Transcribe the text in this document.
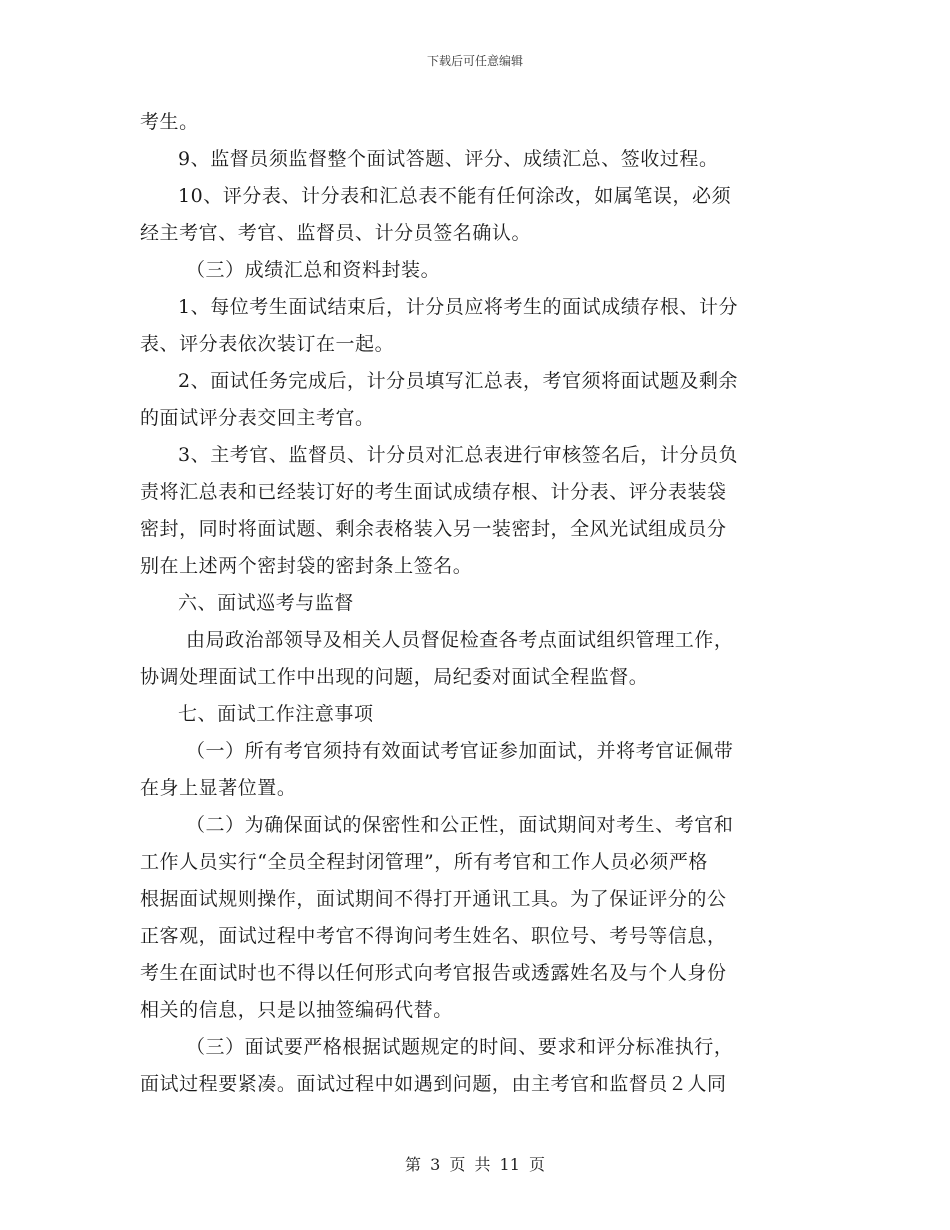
下载后可任意编辑
考生。
9、监督员须监督整个面试答题、评分、成绩汇总、签收过程。
10、评分表、计分表和汇总表不能有任何涂改，如属笔误，必须
经主考官、考官、监督员、计分员签名确认。
（三）成绩汇总和资料封装。
1、每位考生面试结束后，计分员应将考生的面试成绩存根、计分
表、评分表依次装订在一起。
2、面试任务完成后，计分员填写汇总表，考官须将面试题及剩余
的面试评分表交回主考官。
3、主考官、监督员、计分员对汇总表进行审核签名后，计分员负
责将汇总表和已经装订好的考生面试成绩存根、计分表、评分表装袋
密封，同时将面试题、剩余表格装入另一装密封，全风光试组成员分
别在上述两个密封袋的密封条上签名。
六、面试巡考与监督
由局政治部领导及相关人员督促检查各考点面试组织管理工作，
协调处理面试工作中出现的问题，局纪委对面试全程监督。
七、面试工作注意事项
（一）所有考官须持有效面试考官证参加面试，并将考官证佩带
在身上显著位置。
（二）为确保面试的保密性和公正性，面试期间对考生、考官和
工作人员实行“全员全程封闭管理”，所有考官和工作人员必须严格
根据面试规则操作，面试期间不得打开通讯工具。为了保证评分的公
正客观，面试过程中考官不得询问考生姓名、职位号、考号等信息，
考生在面试时也不得以任何形式向考官报告或透露姓名及与个人身份
相关的信息，只是以抽签编码代替。
（三）面试要严格根据试题规定的时间、要求和评分标准执行，
面试过程要紧凑。面试过程中如遇到问题，由主考官和监督员２人同
第 3 页 共 11 页
